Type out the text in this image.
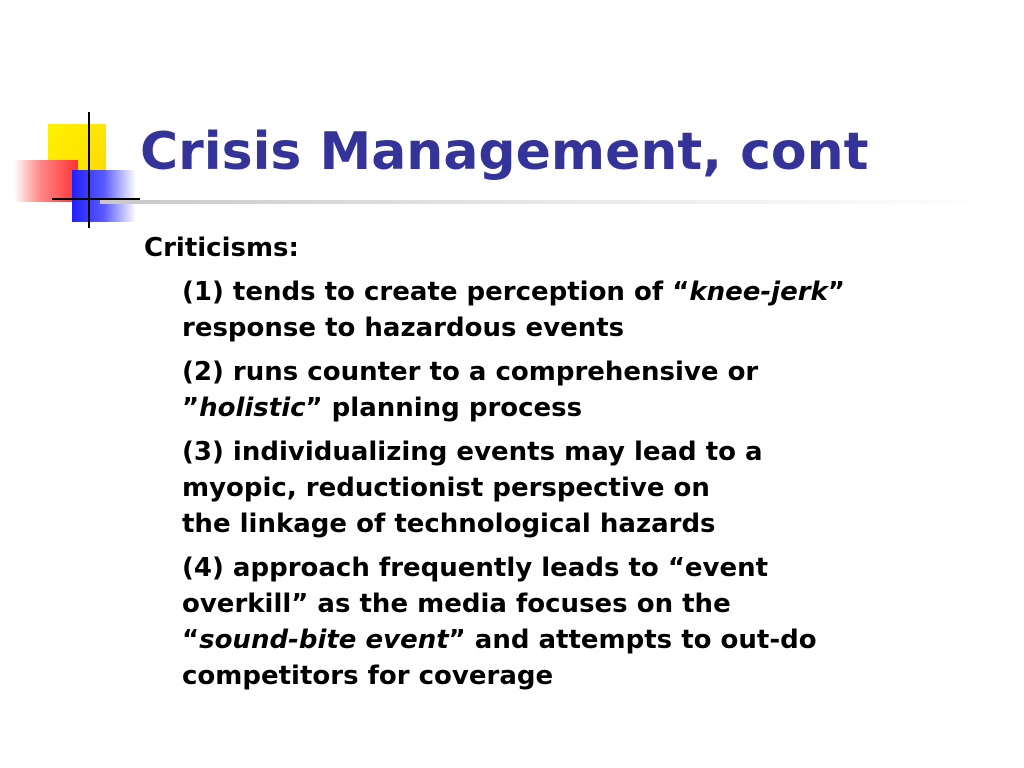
Crisis Management, cont

Criticisms:

(1) tends to create perception of “knee-jerk”
response to hazardous events
(2) runs counter to a comprehensive or
”holistic” planning process
(3) individualizing events may lead to a
myopic, reductionist perspective on
the linkage of technological hazards
(4) approach frequently leads to “event
overkill” as the media focuses on the
“sound-bite event” and attempts to out-do
competitors for coverage
